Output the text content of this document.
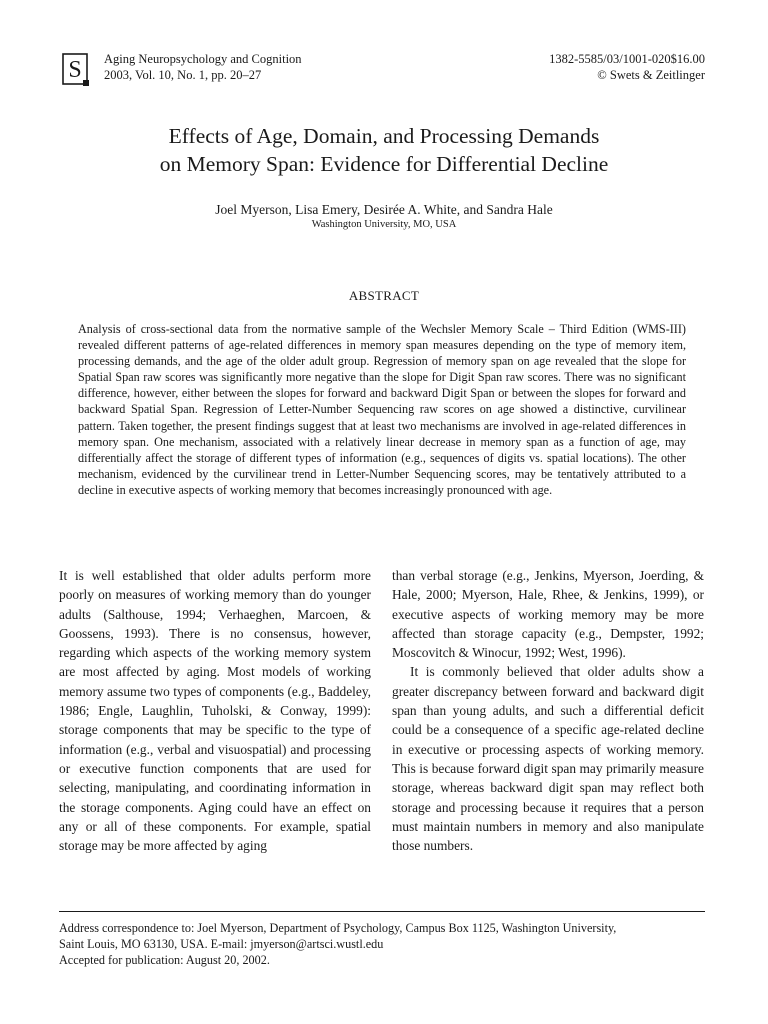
S Aging Neuropsychology and Cognition
2003, Vol. 10, No. 1, pp. 20–27
1382-5585/03/1001-020$16.00
© Swets & Zeitlinger
Effects of Age, Domain, and Processing Demands
on Memory Span: Evidence for Differential Decline
Joel Myerson, Lisa Emery, Desirée A. White, and Sandra Hale
Washington University, MO, USA
ABSTRACT

Analysis of cross-sectional data from the normative sample of the Wechsler Memory Scale – Third Edition (WMS-III) revealed different patterns of age-related differences in memory span measures depending on the type of memory item, processing demands, and the age of the older adult group. Regression of memory span on age revealed that the slope for Spatial Span raw scores was significantly more negative than the slope for Digit Span raw scores. There was no significant difference, however, either between the slopes for forward and backward Digit Span or between the slopes for forward and backward Spatial Span. Regression of Letter-Number Sequencing raw scores on age showed a distinctive, curvilinear pattern. Taken together, the present findings suggest that at least two mechanisms are involved in age-related differences in memory span. One mechanism, associated with a relatively linear decrease in memory span as a function of age, may differentially affect the storage of different types of information (e.g., sequences of digits vs. spatial locations). The other mechanism, evidenced by the curvilinear trend in Letter-Number Sequencing scores, may be tentatively attributed to a decline in executive aspects of working memory that becomes increasingly pronounced with age.

It is well established that older adults perform more poorly on measures of working memory than do younger adults (Salthouse, 1994; Verhaeghen, Marcoen, & Goossens, 1993). There is no consensus, however, regarding which aspects of the working memory system are most affected by aging. Most models of working memory assume two types of components (e.g., Baddeley, 1986; Engle, Laughlin, Tuholski, & Conway, 1999): storage components that may be specific to the type of information (e.g., verbal and visuospatial) and processing or executive function components that are used for selecting, manipulating, and coordinating information in the storage components. Aging could have an effect on any or all of these components. For example, spatial storage may be more affected by aging

than verbal storage (e.g., Jenkins, Myerson, Joerding, & Hale, 2000; Myerson, Hale, Rhee, & Jenkins, 1999), or executive aspects of working memory may be more affected than storage capacity (e.g., Dempster, 1992; Moscovitch & Winocur, 1992; West, 1996).

It is commonly believed that older adults show a greater discrepancy between forward and backward digit span than young adults, and such a differential deficit could be a consequence of a specific age-related decline in executive or processing aspects of working memory. This is because forward digit span may primarily measure storage, whereas backward digit span may reflect both storage and processing because it requires that a person must maintain numbers in memory and also manipulate those numbers.

Address correspondence to: Joel Myerson, Department of Psychology, Campus Box 1125, Washington University,
Saint Louis, MO 63130, USA. E-mail: jmyerson@artsci.wustl.edu
Accepted for publication: August 20, 2002.
